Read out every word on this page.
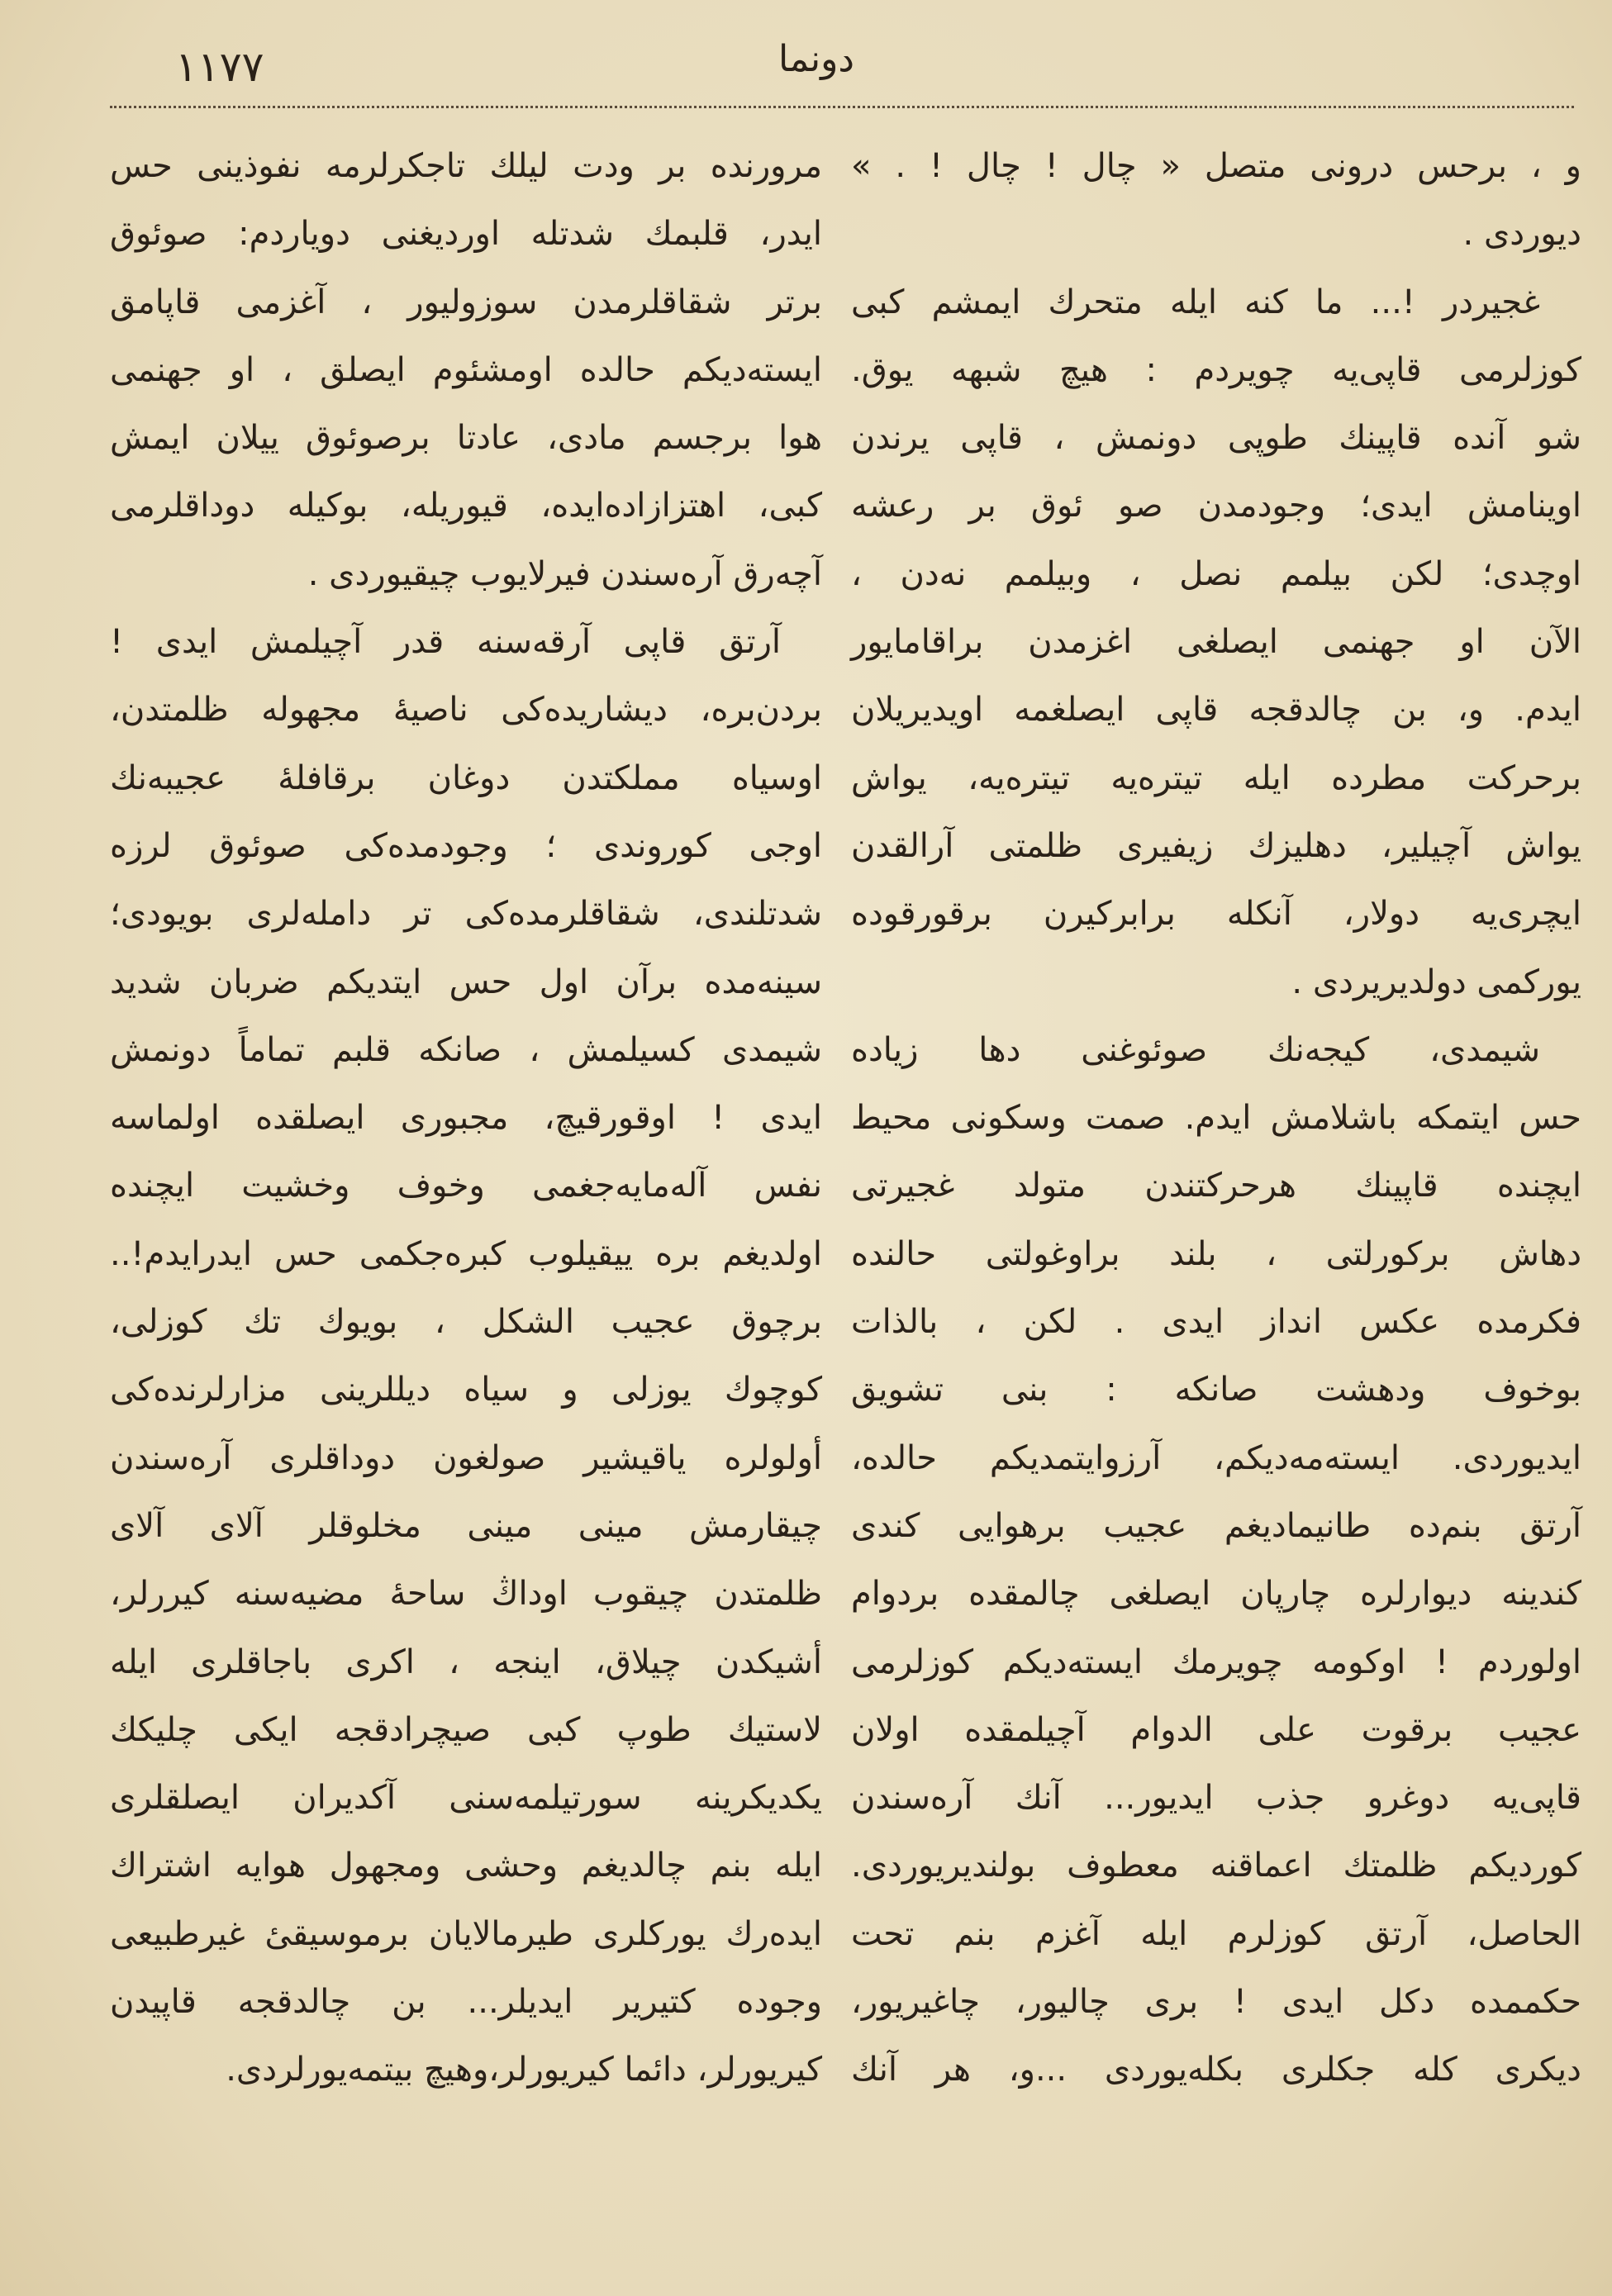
١١٧٧	دونما
و ، برحس درونی متصل « چال ! چال ! . »
دیوردی .
غجیردر !... ما کنه ایله متحرك ایمشم کبی
کوزلرمی قاپی‌یه چویردم : هیچ شبهه یوق.
شو آنده قاپینك طوپی دونمش ، قاپی یرندن
اوینامش ایدی؛ وجودمدن صو ئوق بر رعشه
اوچدی؛ لکن بیلمم نصل ، وبیلمم نه‌دن ،
الآن او جهنمی ایصلغی اغزمدن براقامایور
ایدم. و، بن چالدقجه قاپی ایصلغمه اویدیریلان
برحرکت مطرده ایله تیتره‌یه تیتره‌یه، یواش
یواش آچیلیر، دهلیزك زیفیری ظلمتی آرالقدن
ایچری‌یه دولار، آنکله برابرکیرن برقورقوده
یورکمی دولدیریردی .
شیمدی، کیجه‌نك صوئوغنی دها زیاده
حس ایتمکه باشلامش ایدم. صمت وسکونی محیط
ایچنده قاپینك هرحرکتندن متولد غجیرتی
دهاش برکورلتی ، بلند براوغولتی حالنده
فکرمده عکس انداز ایدی . لکن ، بالذات
بوخوف ودهشت صانکه : بنی تشویق
ایدیوردی. ایسته‌مه‌دیکم، آرزوایتمدیکم حالده،
آرتق بنم‌ده طانیمادیغم عجیب برهوایی کندی
کندینه دیوارلره چارپان ایصلغی چالمقده بردوام
اولوردم ! اوکومه چویرمك ایسته‌دیکم کوزلرمی
عجیب برقوت علی الدوام آچیلمقده اولان
قاپی‌یه دوغرو جذب ایدیور... آنك آره‌سندن
کوردیکم ظلمتك اعماقنه معطوف بولندیریوردی.
الحاصل، آرتق کوزلرم ایله آغزم بنم تحت
حکممده دکل ایدی ! بری چالیور، چاغیریور،
دیکری کله جکلری بکله‌یوردی ...و، هر آنك
مرورنده بر ودت لیلك تاجکرلرمه نفوذینی حس
ایدر، قلبمك شدتله اوردیغنی دویاردم: صوئوق
برتر شقاقلرمدن سوزولیور ، آغزمی قاپامق
ایسته‌دیکم حالده اومشئوم ایصلق ، او جهنمی
هوا برجسم مادی، عادتا برصوئوق ییلان ایمش
کبی، اهتزازاده‌ایده، قیوریله، بوکیله دوداقلرمی
آچه‌رق آره‌سندن فیرلایوب چیقیوردی .
آرتق قاپی آرقه‌سنه قدر آچیلمش ایدی !
بردن‌بره، دیشاریده‌کی ناصیهٔ مجهوله ظلمتدن،
اوسیاه مملکتدن دوغان برقافلهٔ عجیبه‌نك
اوجی کوروندی ؛ وجودمده‌کی صوئوق لرزه
شدتلندی، شقاقلرمده‌کی تر دامله‌لری بویودی؛
سینه‌مده برآن اول حس ایتدیکم ضربان شدید
شیمدی کسیلمش ، صانکه قلبم تماماً دونمش
ایدی ! اوقورقیچ، مجبوری ایصلقده اولماسه
نفس آله‌مایه‌جغمی وخوف وخشیت ایچنده
اولدیغم بره ییقیلوب کبره‌جکمی حس ایدرایدم!..
برچوق عجیب الشکل ، بویوك تك کوزلی،
کوچوك یوزلی و سیاه دیللرینی مزارلرنده‌کی
أولولره یاقیشیر صولغون دوداقلری آره‌سندن
چیقارمش مینی مینی مخلوقلر آلای آلای
ظلمتدن چیقوب اوداڭ ساحهٔ مضیه‌سنه کیررلر،
أشیکدن چیلاق، اینجه ، اکری باجاقلری ایله
لاستیك طوپ کبی صیچرادقجه ایکی چلیکك
یکدیکرینه سورتیلمه‌سنی آکدیران ایصلقلری
ایله بنم چالدیغم وحشی ومجهول هوایه اشتراك
ایده‌رك یورکلری طیرمالایان برموسیقیٔ غیرطبیعی
وجوده کتیریر ایدیلر... بن چالدقجه قاپیدن
کیریورلر، دائما کیریورلر،وهیچ بیتمه‌یورلردی.
